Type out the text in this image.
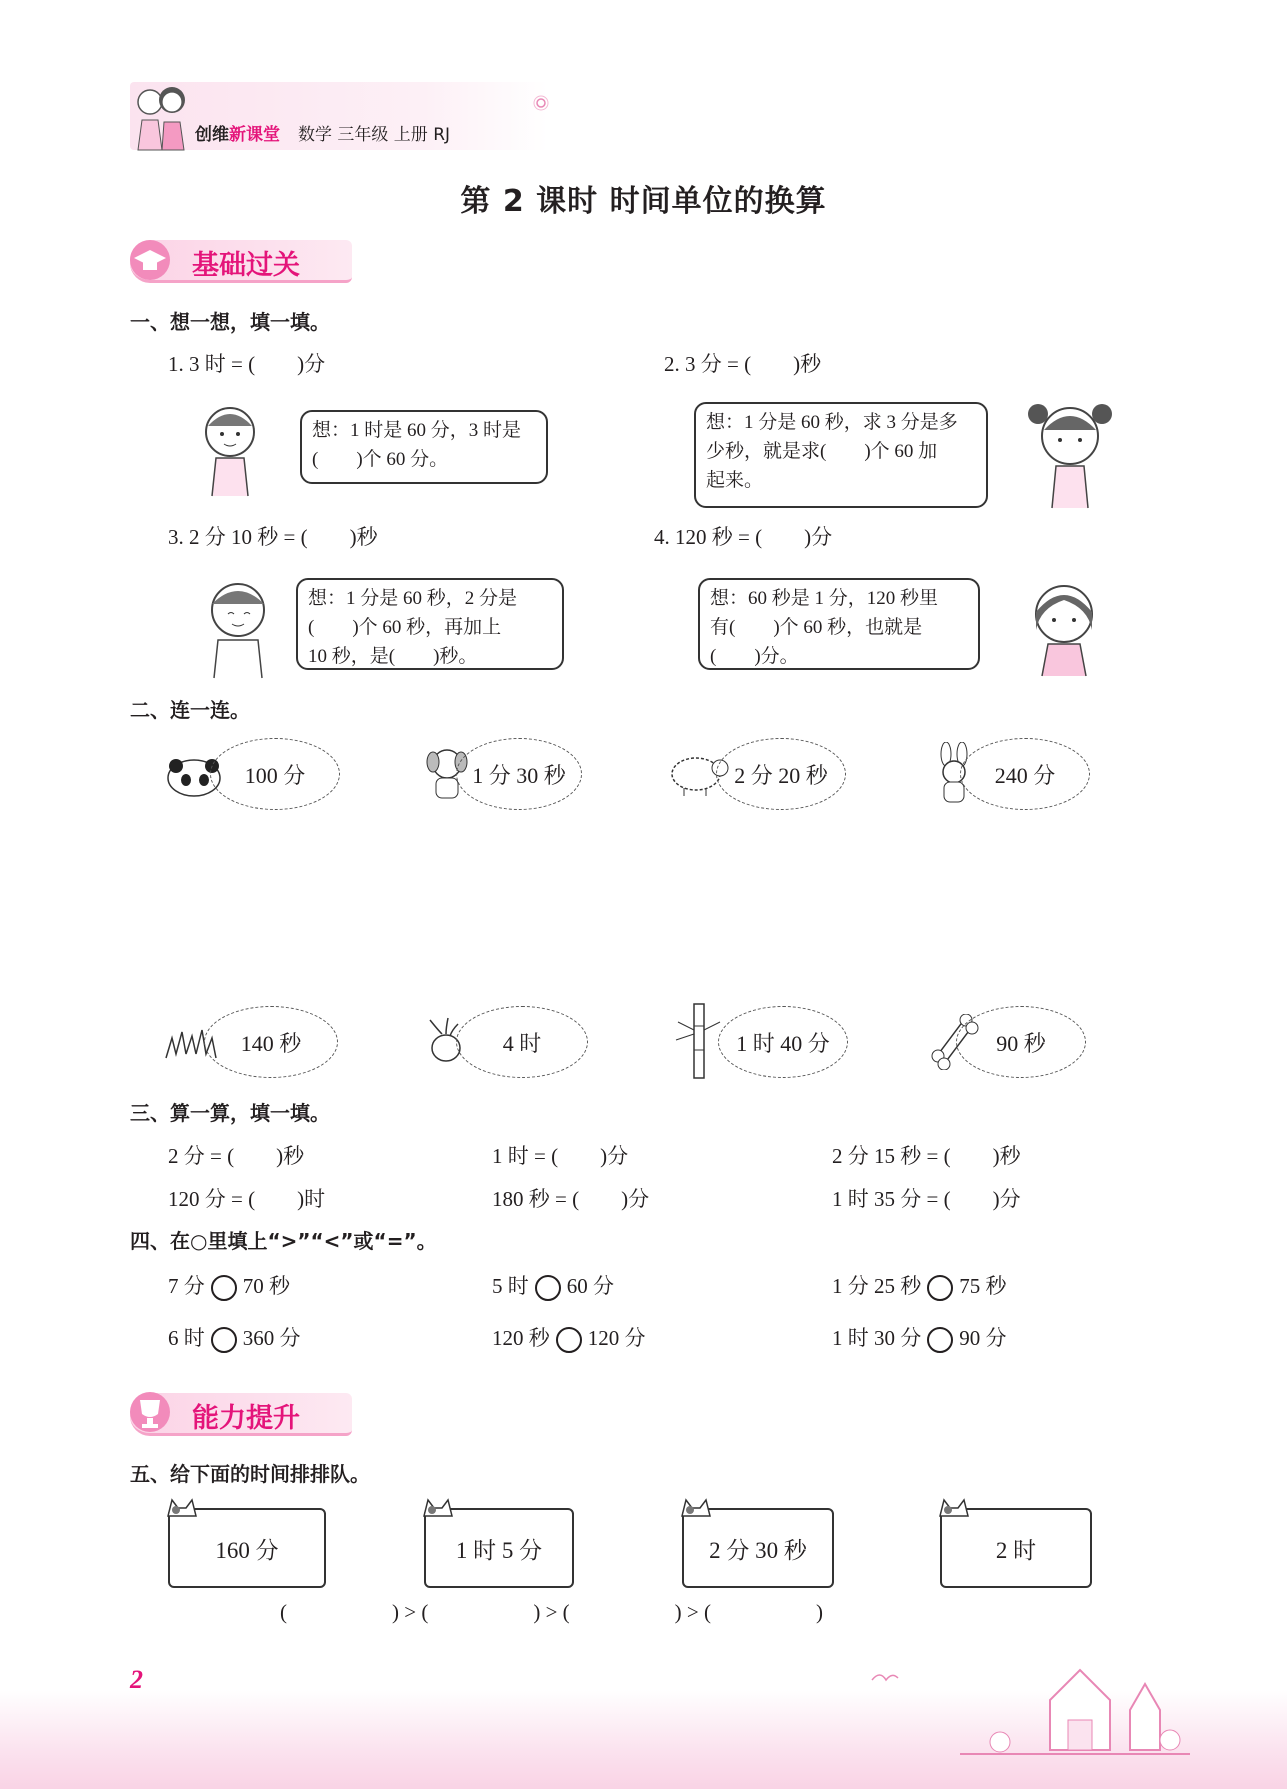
创维新课堂 数学 三年级 上册 RJ
第 2 课时 时间单位的换算
基础过关
一、想一想，填一填。
1. 3 时 = (        )分	2. 3 分 = (        )秒
想：1 时是 60 分，3 时是
(        )个 60 分。
想：1 分是 60 秒，求 3 分是多
少秒，就是求(        )个 60 加
起来。
3. 2 分 10 秒 = (        )秒	4. 120 秒 = (        )分
想：1 分是 60 秒，2 分是
(        )个 60 秒，再加上
10 秒，是(        )秒。
想：60 秒是 1 分，120 秒里
有(        )个 60 秒，也就是
(        )分。
二、连一连。
100 分	1 分 30 秒	2 分 20 秒	240 分
140 秒	4 时	1 时 40 分	90 秒
三、算一算，填一填。
2 分 = (        )秒	1 时 = (        )分	2 分 15 秒 = (        )秒
120 分 = (        )时	180 秒 = (        )分	1 时 35 分 = (        )分
四、在○里填上“>”“<”或“=”。
7 分 70 秒	5 时 60 分	1 分 25 秒 75 秒
6 时 360 分	120 秒 120 分	1 时 30 分 90 分
能力提升
五、给下面的时间排排队。
160 分	1 时 5 分	2 分 30 秒	2 时
(                    ) > (                    ) > (                    ) > (                    )
2
